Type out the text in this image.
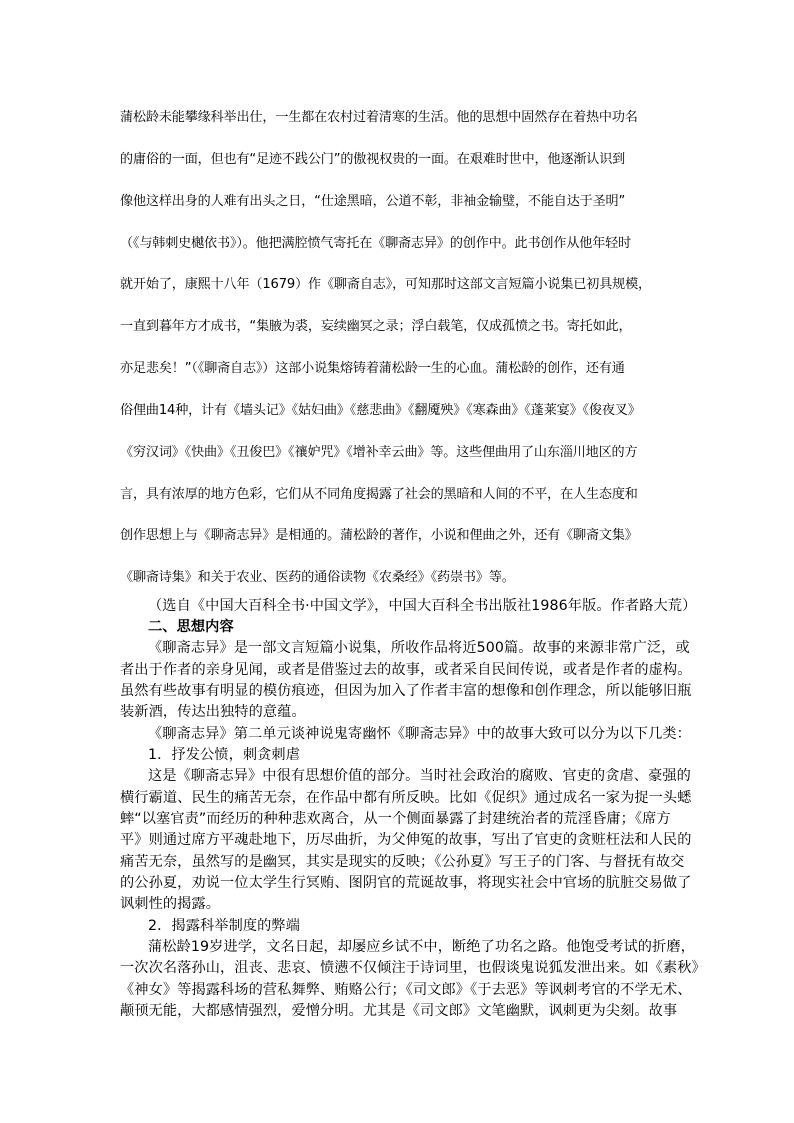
蒲松龄未能攀缘科举出仕，一生都在农村过着清寒的生活。他的思想中固然存在着热中功名
的庸俗的一面，但也有“足迹不践公门”的傲视权贵的一面。在艰难时世中，他逐渐认识到
像他这样出身的人难有出头之日，“仕途黑暗，公道不彰，非袖金输璧，不能自达于圣明”
（《与韩刺史樾依书》）。他把满腔愤气寄托在《聊斋志异》的创作中。此书创作从他年轻时
就开始了，康熙十八年（1679）作《聊斋自志》，可知那时这部文言短篇小说集已初具规模，
一直到暮年方才成书，“集腋为裘，妄续幽冥之录；浮白载笔，仅成孤愤之书。寄托如此，
亦足悲矣！”（《聊斋自志》）这部小说集熔铸着蒲松龄一生的心血。蒲松龄的创作，还有通
俗俚曲14种，计有《墙头记》《姑妇曲》《慈悲曲》《翻魇殃》《寒森曲》《蓬莱宴》《俊夜叉》
《穷汉词》《快曲》《丑俊巴》《禳妒咒》《增补幸云曲》等。这些俚曲用了山东淄川地区的方
言，具有浓厚的地方色彩，它们从不同角度揭露了社会的黑暗和人间的不平，在人生态度和
创作思想上与《聊斋志异》是相通的。蒲松龄的著作，小说和俚曲之外，还有《聊斋文集》
《聊斋诗集》和关于农业、医药的通俗读物《农桑经》《药崇书》等。
（选自《中国大百科全书·中国文学》，中国大百科全书出版社1986年版。作者路大荒）
二、思想内容
《聊斋志异》是一部文言短篇小说集，所收作品将近500篇。故事的来源非常广泛，或
者出于作者的亲身见闻，或者是借鉴过去的故事，或者采自民间传说，或者是作者的虚构。
虽然有些故事有明显的模仿痕迹，但因为加入了作者丰富的想像和创作理念，所以能够旧瓶
装新酒，传达出独特的意蕴。
《聊斋志异》第二单元谈神说鬼寄幽怀《聊斋志异》中的故事大致可以分为以下几类：
1．抒发公愤，刺贪刺虐
这是《聊斋志异》中很有思想价值的部分。当时社会政治的腐败、官吏的贪虐、豪强的
横行霸道、民生的痛苦无奈，在作品中都有所反映。比如《促织》通过成名一家为捉一头蟋
蟀“以塞官责”而经历的种种悲欢离合，从一个侧面暴露了封建统治者的荒淫昏庸；《席方
平》则通过席方平魂赴地下，历尽曲折，为父伸冤的故事，写出了官吏的贪赃枉法和人民的
痛苦无奈，虽然写的是幽冥，其实是现实的反映；《公孙夏》写王子的门客、与督抚有故交
的公孙夏，劝说一位太学生行冥贿、图阴官的荒诞故事，将现实社会中官场的肮脏交易做了
讽刺性的揭露。
2．揭露科举制度的弊端
蒲松龄19岁进学，文名日起，却屡应乡试不中，断绝了功名之路。他饱受考试的折磨，
一次次名落孙山，沮丧、悲哀、愤懑不仅倾注于诗词里，也假谈鬼说狐发泄出来。如《素秋》
《神女》等揭露科场的营私舞弊、贿赂公行；《司文郎》《于去恶》等讽刺考官的不学无术、
颟顸无能，大都感情强烈，爱憎分明。尤其是《司文郎》文笔幽默，讽刺更为尖刻。故事
